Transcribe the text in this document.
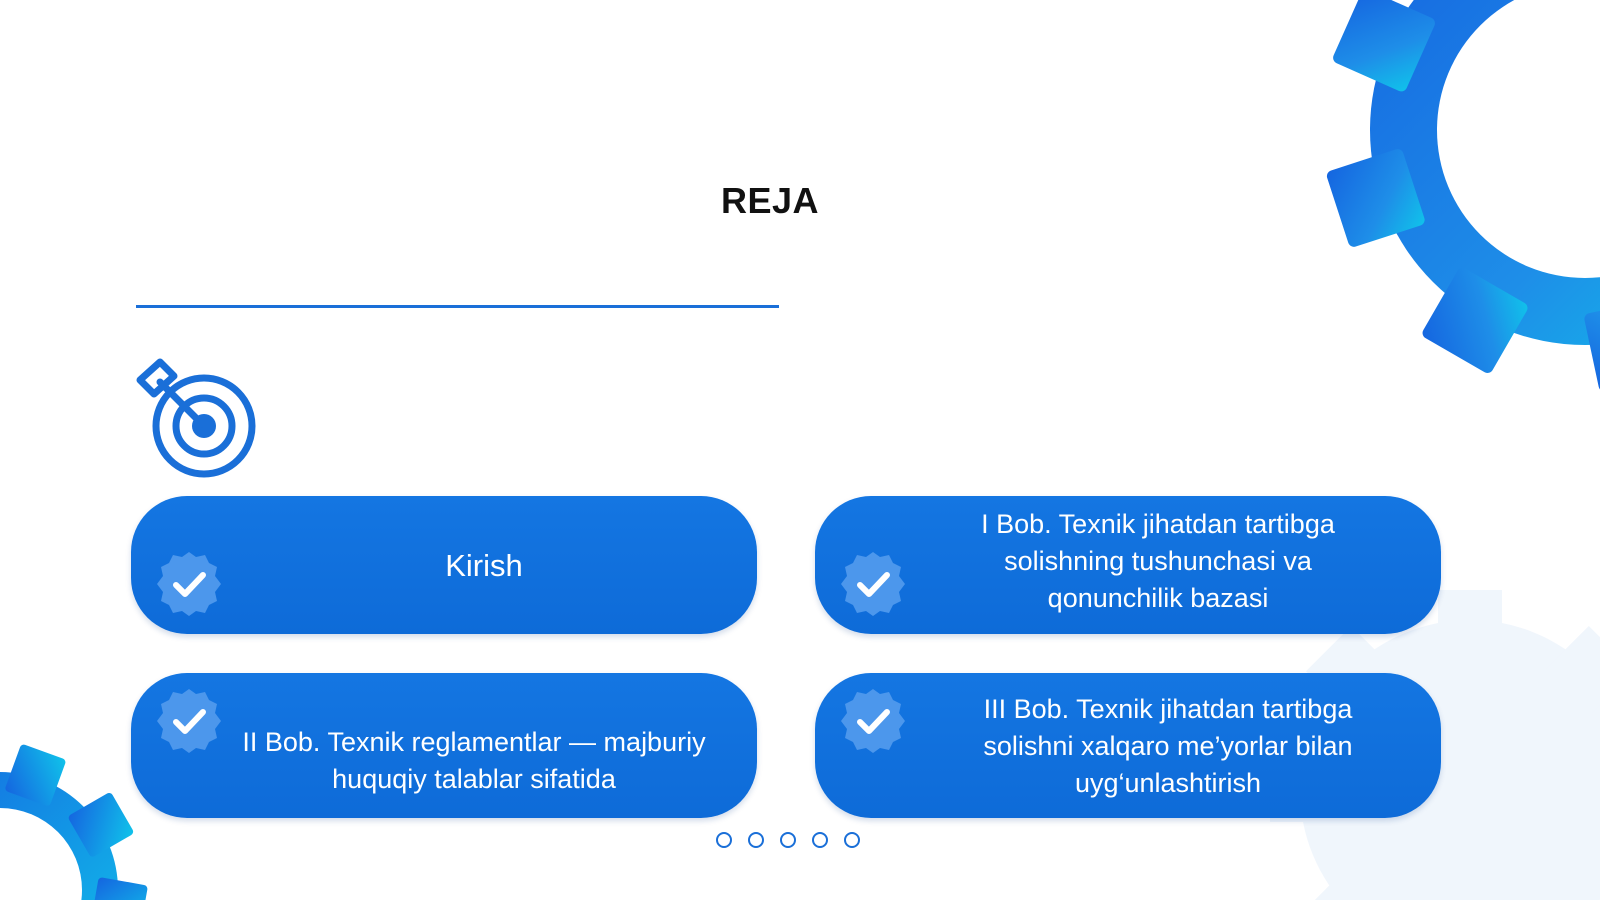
REJA
Kirish
I Bob. Texnik jihatdan tartibga solishning tushunchasi va qonunchilik bazasi
II Bob. Texnik reglamentlar — majburiy huquqiy talablar sifatida
III Bob. Texnik jihatdan tartibga solishni xalqaro me’yorlar bilan uyg‘unlashtirish
